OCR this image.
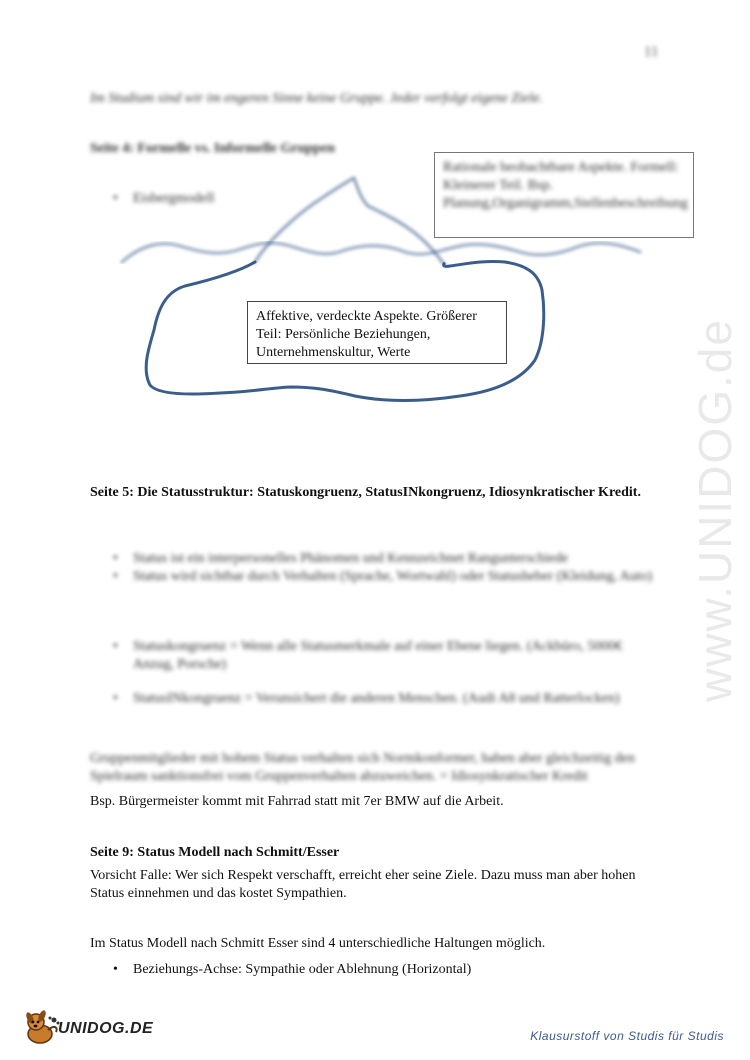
11
www.UNIDOG.de
Im Studium sind wir im engeren Sinne keine Gruppe. Jeder verfolgt eigene Ziele.
Seite 4: Formelle vs. Informelle Gruppen
•	Eisbergmodell
Rationale beobachtbare Aspekte. Formell: Kleinerer Teil. Bsp. Planung,Organigramm,Stellenbeschreibung
Affektive, verdeckte Aspekte. Größerer Teil: Persönliche Beziehungen, Unternehmenskultur, Werte
Seite 5: Die Statusstruktur: Statuskongruenz, StatusINkongruenz, Idiosynkratischer Kredit.
•	Status ist ein interpersonelles Phänomen und Kennzeichnet Rangunterschiede
•	Status wird sichtbar durch Verhalten (Sprache, Wortwahl) oder Statusheber (Kleidung, Auto)
•	Statuskongruenz = Wenn alle Statusmerkmale auf einer Ebene liegen. (Ackbüro, 5000€ Anzug, Porsche)
•	StatusINkongruenz = Verunsichert die anderen Menschen. (Audi A8 und Ratterlocken)
Gruppenmitglieder mit hohem Status verhalten sich Normkonformer, haben aber gleichzeitig den Spielraum sanktionsfrei vom Gruppenverhalten abzuweichen. = Idiosynkratischer Kredit
Bsp. Bürgermeister kommt mit Fahrrad statt mit 7er BMW auf die Arbeit.
Seite 9: Status Modell nach Schmitt/Esser
Vorsicht Falle: Wer sich Respekt verschafft, erreicht eher seine Ziele. Dazu muss man aber hohen Status einnehmen und das kostet Sympathien.
Im Status Modell nach Schmitt Esser sind 4 unterschiedliche Haltungen möglich.
•	Beziehungs-Achse: Sympathie oder Ablehnung (Horizontal)
UNIDOG.DE	Klausurstoff von Studis für Studis
